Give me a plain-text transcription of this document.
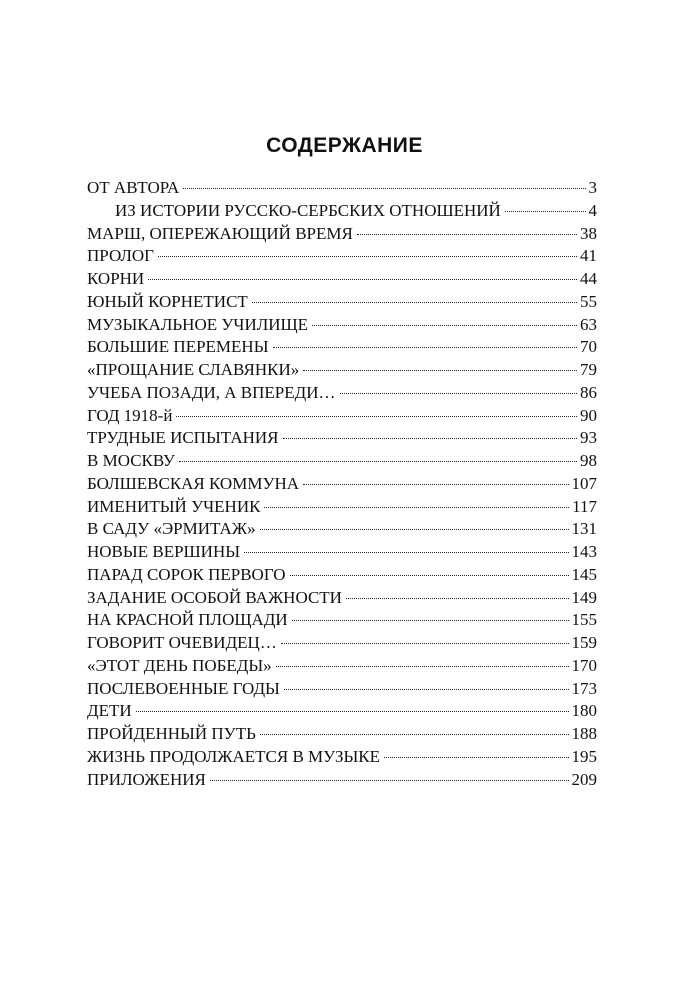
СОДЕРЖАНИЕ
ОТ АВТОРА	3
ИЗ ИСТОРИИ РУССКО-СЕРБСКИХ ОТНОШЕНИЙ	4
МАРШ, ОПЕРЕЖАЮЩИЙ ВРЕМЯ	38
ПРОЛОГ	41
КОРНИ	44
ЮНЫЙ КОРНЕТИСТ	55
МУЗЫКАЛЬНОЕ УЧИЛИЩЕ	63
БОЛЬШИЕ ПЕРЕМЕНЫ	70
«ПРОЩАНИЕ СЛАВЯНКИ»	79
УЧЕБА ПОЗАДИ, А ВПЕРЕДИ…	86
ГОД 1918-й	90
ТРУДНЫЕ ИСПЫТАНИЯ	93
В МОСКВУ	98
БОЛШЕВСКАЯ КОММУНА	107
ИМЕНИТЫЙ УЧЕНИК	117
В САДУ «ЭРМИТАЖ»	131
НОВЫЕ ВЕРШИНЫ	143
ПАРАД СОРОК ПЕРВОГО	145
ЗАДАНИЕ ОСОБОЙ ВАЖНОСТИ	149
НА КРАСНОЙ ПЛОЩАДИ	155
ГОВОРИТ ОЧЕВИДЕЦ…	159
«ЭТОТ ДЕНЬ ПОБЕДЫ»	170
ПОСЛЕВОЕННЫЕ ГОДЫ	173
ДЕТИ	180
ПРОЙДЕННЫЙ ПУТЬ	188
ЖИЗНЬ ПРОДОЛЖАЕТСЯ В МУЗЫКЕ	195
ПРИЛОЖЕНИЯ	209
